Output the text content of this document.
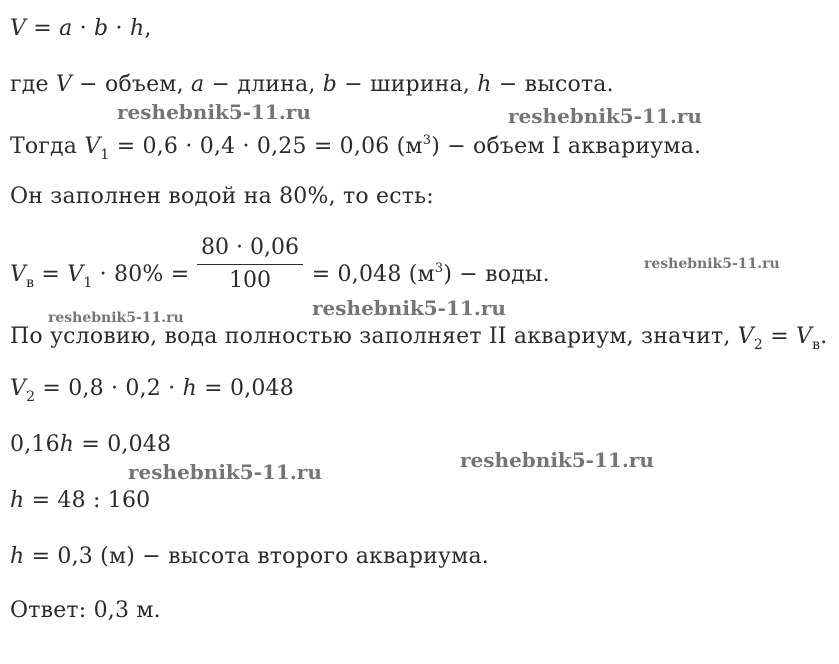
V = a · b · h,
где V − объем, a − длина, b − ширина, h − высота.
Тогда $V_1 = 0,6 \cdot 0,4 \cdot 0,25 = 0,06$ $(м^3)$ − объем I аквариума.
Он заполнен водой на 80%, то есть:
$V_в = V_1 \cdot 80\%$ =	= 0,048 $(м^3)$ − воды.
80 · 0,06
100
По условию, вода полностью заполняет II аквариум, значит, $V_2 = V_в$.
$V_2 = 0,8 \cdot 0,2 \cdot h = 0,048$
0,16h = 0,048
h = 48 : 160
h = 0,3 (м) − высота второго аквариума.
Ответ: 0,3 м.
reshebnik5-11.ru	reshebnik5-11.ru
reshebnik5-11.ru
reshebnik5-11.ru	reshebnik5-11.ru
reshebnik5-11.ru	reshebnik5-11.ru
